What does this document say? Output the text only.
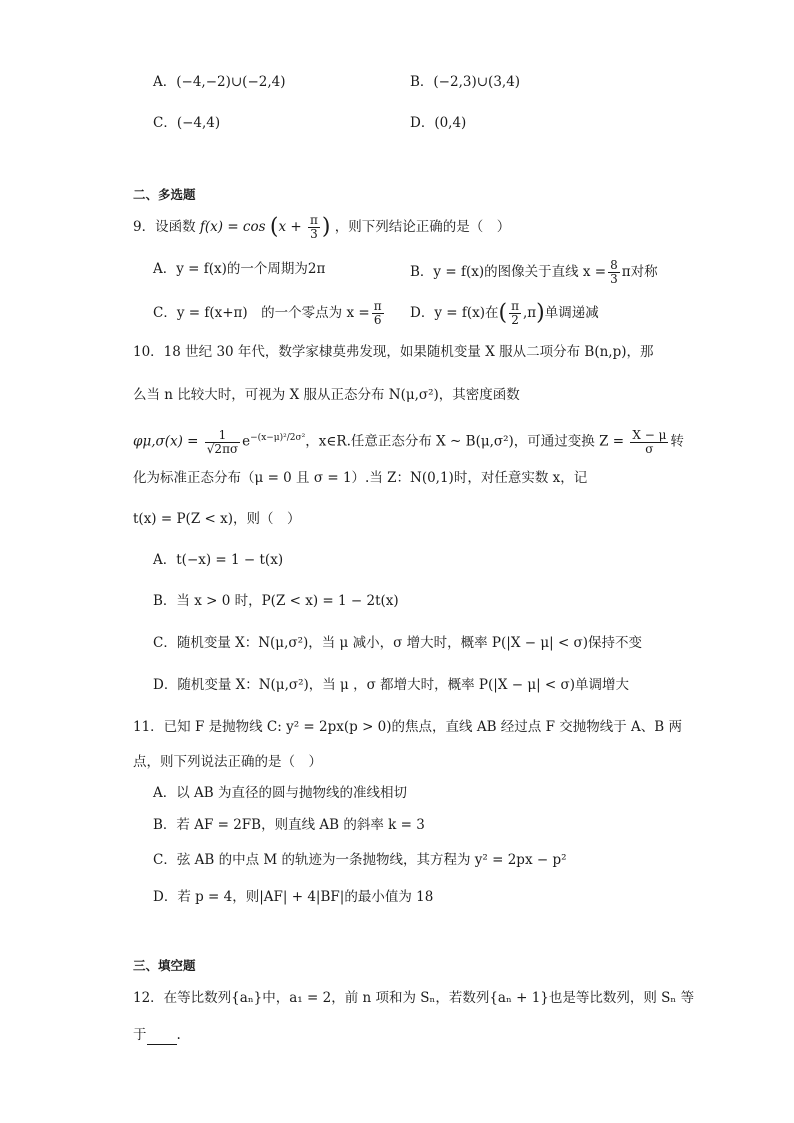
A．(−4,−2)∪(−2,4)	B．(−2,3)∪(3,4)
C．(−4,4)	D．(0,4)
二、多选题
9．设函数 $f(x) = \cos (x + \frac{\pi}{3}$ ) ，则下列结论正确的是（　）
A．y = f(x)的一个周期为2π	B．y = f(x)的图像关于直线 $x = \frac{8}{3}$ π对称
C．y = f(x+π)　的一个零点为 $x = \frac{\pi}{6}$ D．y = f(x)在( $\frac{\pi}{2} ,\pi$)单调递减
10．18 世纪 30 年代，数学家棣莫弗发现，如果随机变量 X 服从二项分布 B(n,p)，那
么当 n 比较大时，可视为 X 服从正态分布 N(μ,σ²)，其密度函数
$\varphi\mu,\sigma(x) = \frac{1}{√2\pi\sigma} e^{-(x-\mu)^2/2\sigma^2}$，x∈R.任意正态分布 X ~ B(μ,σ²)，可通过变换 $Z = \frac{X - \mu}{\sigma}$ 转
化为标准正态分布（μ = 0 且 σ = 1）.当 Z：N(0,1)时，对任意实数 x，记
t(x) = P(Z < x)，则（　）
A．t(−x) = 1 − t(x)
B．当 x > 0 时，P(Z < x) = 1 − 2t(x)
C．随机变量 X：N(μ,σ²)，当 μ 减小，σ 增大时，概率 P(|X − μ| < σ)保持不变
D．随机变量 X：N(μ,σ²)，当 μ ，σ 都增大时，概率 P(|X − μ| < σ)单调增大
11．已知 F 是抛物线 C: y² = 2px(p > 0)的焦点，直线 AB 经过点 F 交抛物线于 A、B 两
点，则下列说法正确的是（　）
A．以 AB 为直径的圆与抛物线的准线相切
B．若 AF = 2FB，则直线 AB 的斜率 k = 3
C．弦 AB 的中点 M 的轨迹为一条抛物线，其方程为 y² = 2px − p²
D．若 p = 4，则|AF| + 4|BF|的最小值为 18
三、填空题
12．在等比数列{aₙ}中，a₁ = 2，前 n 项和为 Sₙ，若数列{aₙ + 1}也是等比数列，则 Sₙ 等
于 .
